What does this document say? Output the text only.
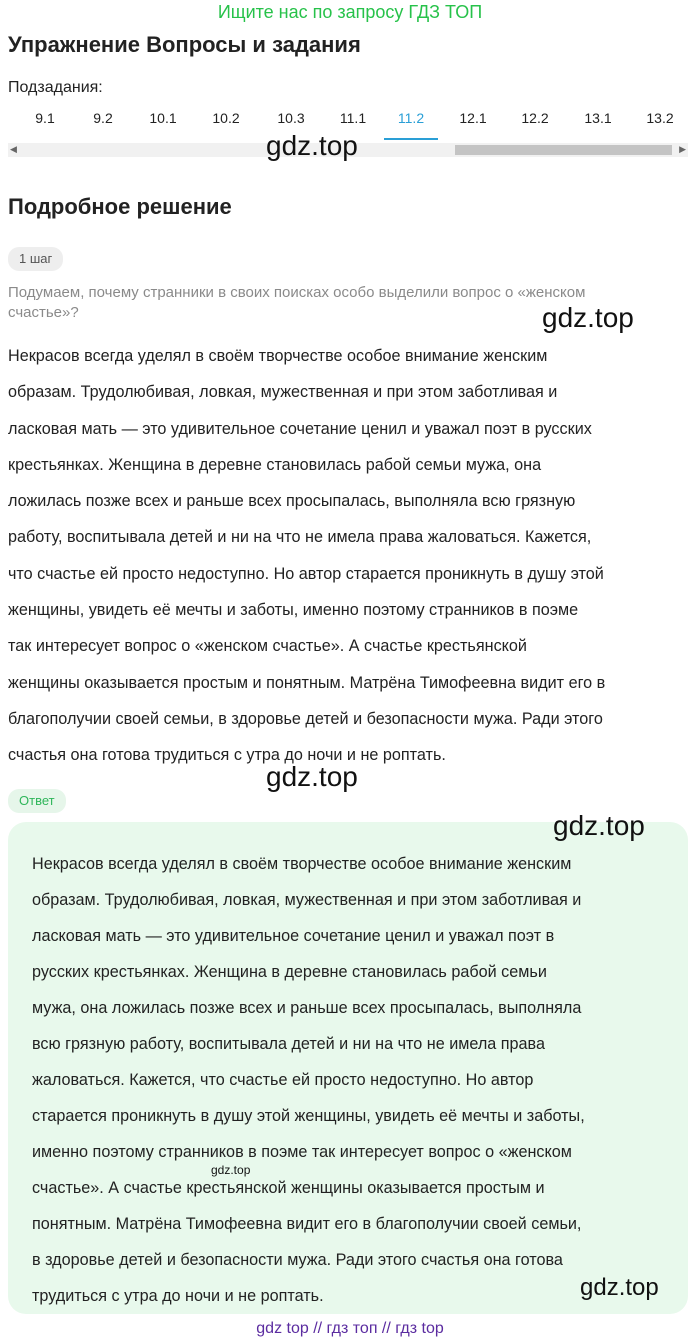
Ищите нас по запросу ГДЗ ТОП
Упражнение Вопросы и задания
Подзадания:
9.1	9.2	10.1	10.2	10.3	11.1	11.2	12.1	12.2	13.1	13.2
◀	▶
gdz.top
Подробное решение
1 шаг
Подумаем, почему странники в своих поисках особо выделили вопрос о «женском
счастье»?	gdz.top
Некрасов всегда уделял в своём творчестве особое внимание женским
образам. Трудолюбивая, ловкая, мужественная и при этом заботливая и
ласковая мать — это удивительное сочетание ценил и уважал поэт в русских
крестьянках. Женщина в деревне становилась рабой семьи мужа, она
ложилась позже всех и раньше всех просыпалась, выполняла всю грязную
работу, воспитывала детей и ни на что не имела права жаловаться. Кажется,
что счастье ей просто недоступно. Но автор старается проникнуть в душу этой
женщины, увидеть её мечты и заботы, именно поэтому странников в поэме
так интересует вопрос о «женском счастье». А счастье крестьянской
женщины оказывается простым и понятным. Матрёна Тимофеевна видит его в
благополучии своей семьи, в здоровье детей и безопасности мужа. Ради этого
счастья она готова трудиться с утра до ночи и не роптать.
gdz.top
Ответ
gdz.top
Некрасов всегда уделял в своём творчестве особое внимание женским
образам. Трудолюбивая, ловкая, мужественная и при этом заботливая и
ласковая мать — это удивительное сочетание ценил и уважал поэт в
русских крестьянках. Женщина в деревне становилась рабой семьи
мужа, она ложилась позже всех и раньше всех просыпалась, выполняла
всю грязную работу, воспитывала детей и ни на что не имела права
жаловаться. Кажется, что счастье ей просто недоступно. Но автор
старается проникнуть в душу этой женщины, увидеть её мечты и заботы,
именно поэтому странников в поэме так интересует вопрос о «женском
счастье». А счастье крестьянской женщины оказывается простым и
понятным. Матрёна Тимофеевна видит его в благополучии своей семьи,
в здоровье детей и безопасности мужа. Ради этого счастья она готова
трудиться с утра до ночи и не роптать.
gdz.top
gdz.top
gdz top // гдз топ // гдз top
